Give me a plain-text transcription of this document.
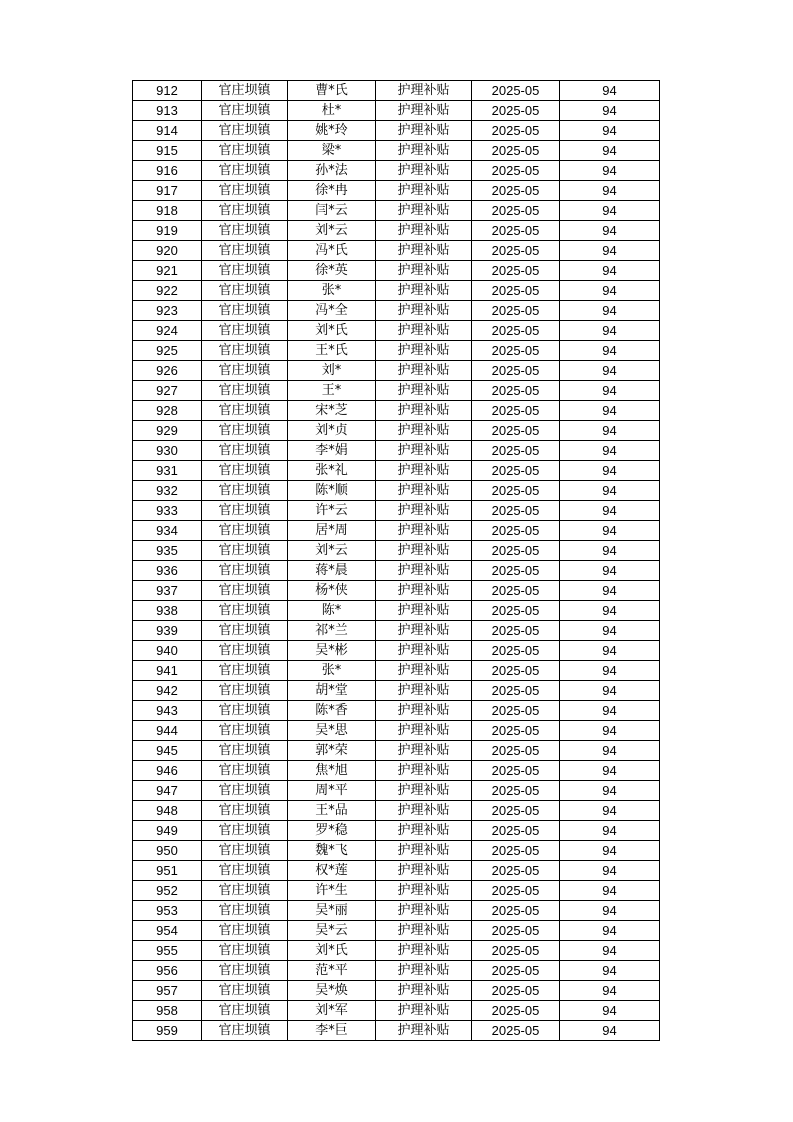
912	官庄坝镇	曹*氏	护理补贴	2025-05	94
913	官庄坝镇	杜*	护理补贴	2025-05	94
914	官庄坝镇	姚*玲	护理补贴	2025-05	94
915	官庄坝镇	梁*	护理补贴	2025-05	94
916	官庄坝镇	孙*法	护理补贴	2025-05	94
917	官庄坝镇	徐*冉	护理补贴	2025-05	94
918	官庄坝镇	闫*云	护理补贴	2025-05	94
919	官庄坝镇	刘*云	护理补贴	2025-05	94
920	官庄坝镇	冯*氏	护理补贴	2025-05	94
921	官庄坝镇	徐*英	护理补贴	2025-05	94
922	官庄坝镇	张*	护理补贴	2025-05	94
923	官庄坝镇	冯*全	护理补贴	2025-05	94
924	官庄坝镇	刘*氏	护理补贴	2025-05	94
925	官庄坝镇	王*氏	护理补贴	2025-05	94
926	官庄坝镇	刘*	护理补贴	2025-05	94
927	官庄坝镇	王*	护理补贴	2025-05	94
928	官庄坝镇	宋*芝	护理补贴	2025-05	94
929	官庄坝镇	刘*贞	护理补贴	2025-05	94
930	官庄坝镇	李*娟	护理补贴	2025-05	94
931	官庄坝镇	张*礼	护理补贴	2025-05	94
932	官庄坝镇	陈*顺	护理补贴	2025-05	94
933	官庄坝镇	许*云	护理补贴	2025-05	94
934	官庄坝镇	居*周	护理补贴	2025-05	94
935	官庄坝镇	刘*云	护理补贴	2025-05	94
936	官庄坝镇	蒋*晨	护理补贴	2025-05	94
937	官庄坝镇	杨*侠	护理补贴	2025-05	94
938	官庄坝镇	陈*	护理补贴	2025-05	94
939	官庄坝镇	祁*兰	护理补贴	2025-05	94
940	官庄坝镇	吴*彬	护理补贴	2025-05	94
941	官庄坝镇	张*	护理补贴	2025-05	94
942	官庄坝镇	胡*堂	护理补贴	2025-05	94
943	官庄坝镇	陈*香	护理补贴	2025-05	94
944	官庄坝镇	吴*思	护理补贴	2025-05	94
945	官庄坝镇	郭*荣	护理补贴	2025-05	94
946	官庄坝镇	焦*旭	护理补贴	2025-05	94
947	官庄坝镇	周*平	护理补贴	2025-05	94
948	官庄坝镇	王*品	护理补贴	2025-05	94
949	官庄坝镇	罗*稳	护理补贴	2025-05	94
950	官庄坝镇	魏*飞	护理补贴	2025-05	94
951	官庄坝镇	权*莲	护理补贴	2025-05	94
952	官庄坝镇	许*生	护理补贴	2025-05	94
953	官庄坝镇	吴*丽	护理补贴	2025-05	94
954	官庄坝镇	吴*云	护理补贴	2025-05	94
955	官庄坝镇	刘*氏	护理补贴	2025-05	94
956	官庄坝镇	范*平	护理补贴	2025-05	94
957	官庄坝镇	吴*焕	护理补贴	2025-05	94
958	官庄坝镇	刘*军	护理补贴	2025-05	94
959	官庄坝镇	李*巨	护理补贴	2025-05	94
